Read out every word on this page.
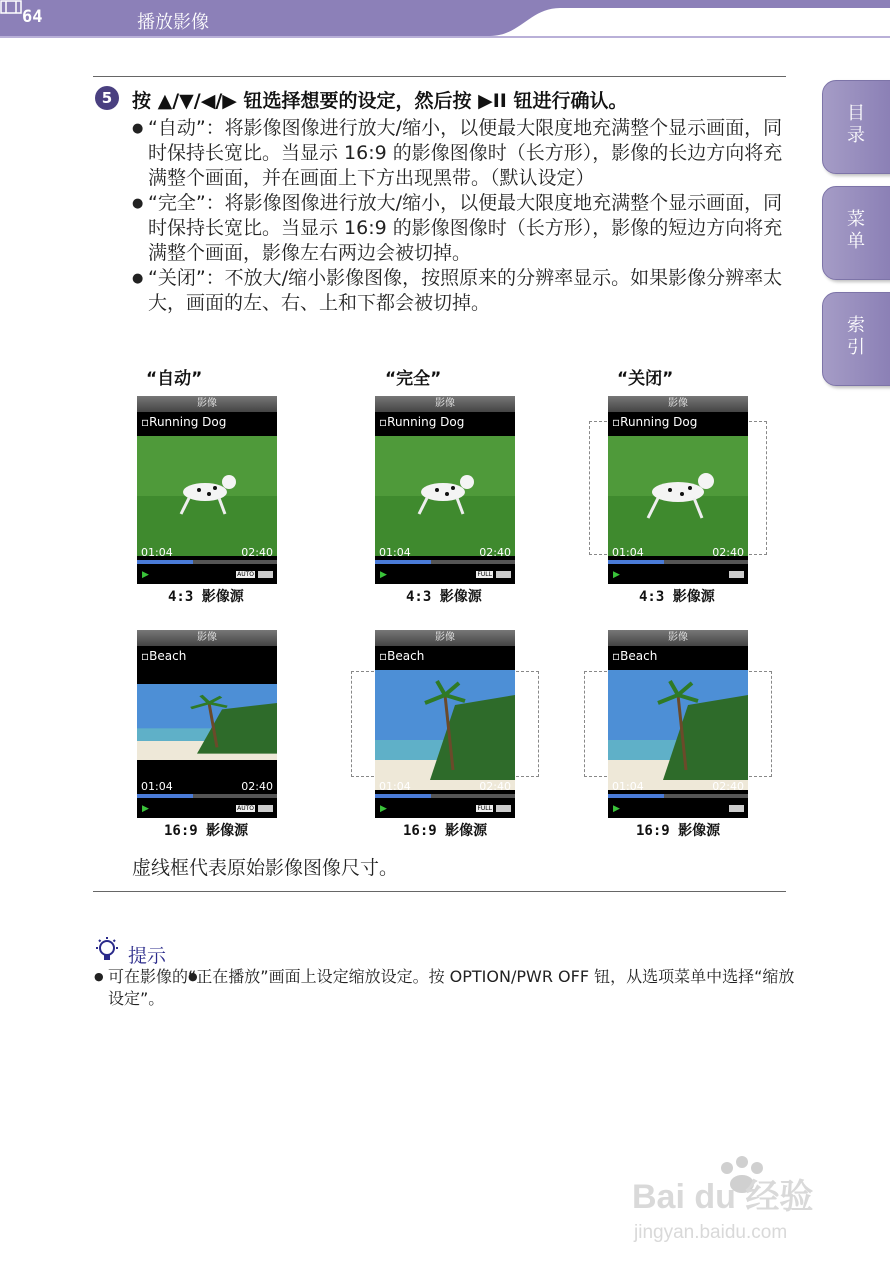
64	播放影像
目录
菜单
索引
5	按 ▲/▼/◀/▶ 钮选择想要的设定，然后按 ▶II 钮进行确认。
● “自动”：将影像图像进行放大/缩小，以便最大限度地充满整个显示画面，同时保持长宽比。当显示 16:9 的影像图像时（长方形），影像的长边方向将充满整个画面，并在画面上下方出现黑带。（默认设定）
● “完全”：将影像图像进行放大/缩小，以便最大限度地充满整个显示画面，同时保持长宽比。当显示 16:9 的影像图像时（长方形），影像的短边方向将充满整个画面，影像左右两边会被切掉。
● “关闭”：不放大/缩小影像图像，按照原来的分辨率显示。如果影像分辨率太大，画面的左、右、上和下都会被切掉。
“自动”	“完全”	“关闭”
影像
▫Running Dog
01:04	02:40
▶	AUTO
影像
▫Running Dog
01:04	02:40
▶	FULL
影像
▫Running Dog
01:04	02:40
▶
4:3 影像源	4:3 影像源	4:3 影像源
影像
▫Beach
01:04	02:40
▶	AUTO
影像
▫Beach
01:04	02:40
▶	FULL
影像
▫Beach
01:04	02:40
▶
16:9 影像源	16:9 影像源	16:9 影像源
虚线框代表原始影像图像尺寸。
提示
● ● 可在影像的“正在播放”画面上设定缩放设定。按 OPTION/PWR OFF 钮，从选项菜单中选择“缩放设定”。
Bai du 经验
jingyan.baidu.com
